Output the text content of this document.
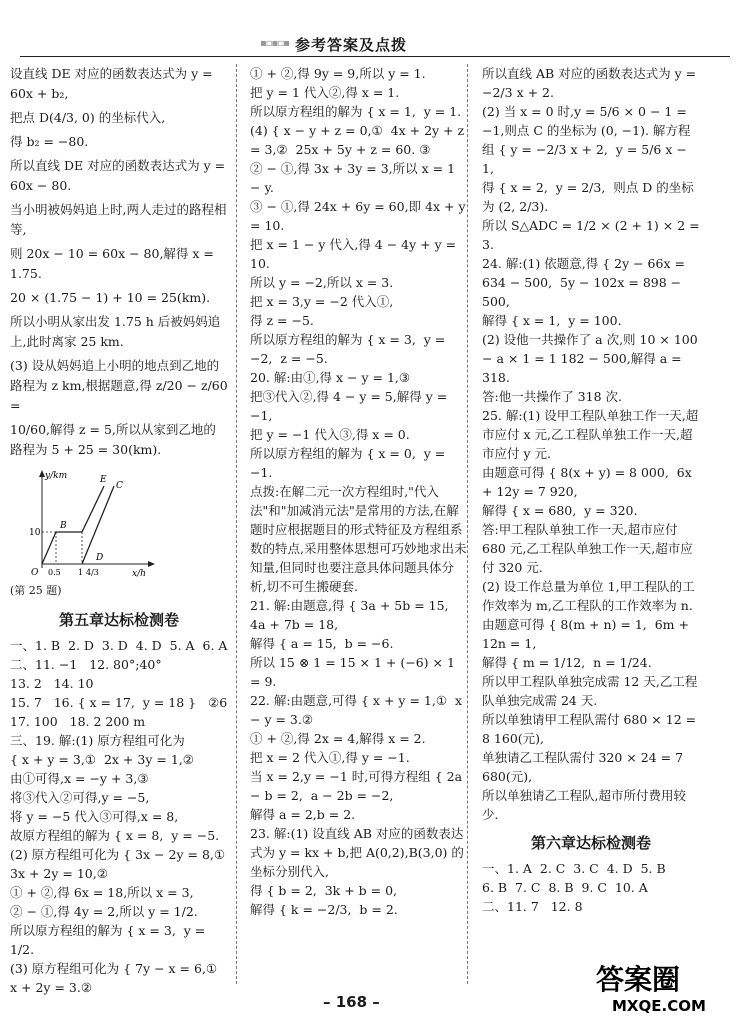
▪▫▪▫▪ 参考答案及点拨

设直线 DE 对应的函数表达式为 y = 60x + b₂,

把点 D(4/3, 0) 的坐标代入,

得 b₂ = −80.

所以直线 DE 对应的函数表达式为 y = 60x − 80.

当小明被妈妈追上时,两人走过的路程相等,

则 20x − 10 = 60x − 80,解得 x = 1.75.

20 × (1.75 − 1) + 10 = 25(km).

所以小明从家出发 1.75 h 后被妈妈追上,此时离家 25 km.

(3) 设从妈妈追上小明的地点到乙地的路程为 z km,根据题意,得 z/20 − z/60 =

10/60,解得 z = 5,所以从家到乙地的路程为 5 + 25 = 30(km).

y/km
x/h
10
O 0.5 1 4/3
B
D
E
C

(第 25 题)

第五章达标检测卷

一、1. B  2. D  3. D  4. D  5. A  6. A

二、11. −1   12. 80°;40°

13. 2   14. 10

15. 7   16. { x = 17,  y = 18 }   ②6

17. 100   18. 2 200 m

三、19. 解:(1) 原方程组可化为

{ x + y = 3,①  2x + 3y = 1,②

由①可得,x = −y + 3,③

将③代入②可得,y = −5,

将 y = −5 代入③可得,x = 8,

故原方程组的解为 { x = 8,  y = −5.

(2) 原方程组可化为 { 3x − 2y = 8,①  3x + 2y = 10,②

① + ②,得 6x = 18,所以 x = 3,

② − ①,得 4y = 2,所以 y = 1/2.

所以原方程组的解为 { x = 3,  y = 1/2.

(3) 原方程组可化为 { 7y − x = 6,①  x + 2y = 3.②

① + ②,得 9y = 9,所以 y = 1.

把 y = 1 代入②,得 x = 1.

所以原方程组的解为 { x = 1,  y = 1.

(4) { x − y + z = 0,①  4x + 2y + z = 3,②  25x + 5y + z = 60. ③

② − ①,得 3x + 3y = 3,所以 x = 1 − y.

③ − ①,得 24x + 6y = 60,即 4x + y = 10.

把 x = 1 − y 代入,得 4 − 4y + y = 10.

所以 y = −2,所以 x = 3.

把 x = 3,y = −2 代入①,

得 z = −5.

所以原方程组的解为 { x = 3,  y = −2,  z = −5.

20. 解:由①,得 x − y = 1,③

把③代入②,得 4 − y = 5,解得 y = −1,

把 y = −1 代入③,得 x = 0.

所以原方程组的解为 { x = 0,  y = −1.

点拨:在解二元一次方程组时,"代入法"和"加减消元法"是常用的方法,在解题时应根据题目的形式特征及方程组系数的特点,采用整体思想可巧妙地求出未知量,但同时也要注意具体问题具体分析,切不可生搬硬套.

21. 解:由题意,得 { 3a + 5b = 15,  4a + 7b = 18,

解得 { a = 15,  b = −6.

所以 15 ⊗ 1 = 15 × 1 + (−6) × 1 = 9.

22. 解:由题意,可得 { x + y = 1,①  x − y = 3.②

① + ②,得 2x = 4,解得 x = 2.

把 x = 2 代入①,得 y = −1.

当 x = 2,y = −1 时,可得方程组 { 2a − b = 2,  a − 2b = −2,

解得 a = 2,b = 2.

23. 解:(1) 设直线 AB 对应的函数表达式为 y = kx + b,把 A(0,2),B(3,0) 的坐标分别代入,

得 { b = 2,  3k + b = 0,

解得 { k = −2/3,  b = 2.

所以直线 AB 对应的函数表达式为 y = −2/3 x + 2.

(2) 当 x = 0 时,y = 5/6 × 0 − 1 = −1,则点 C 的坐标为 (0, −1). 解方程组 { y = −2/3 x + 2,  y = 5/6 x − 1,

得 { x = 2,  y = 2/3,  则点 D 的坐标为 (2, 2/3).

所以 S△ADC = 1/2 × (2 + 1) × 2 = 3.

24. 解:(1) 依题意,得 { 2y − 66x = 634 − 500,  5y − 102x = 898 − 500,

解得 { x = 1,  y = 100.

(2) 设他一共操作了 a 次,则 10 × 100 − a × 1 = 1 182 − 500,解得 a = 318.

答:他一共操作了 318 次.

25. 解:(1) 设甲工程队单独工作一天,超市应付 x 元,乙工程队单独工作一天,超市应付 y 元.

由题意可得 { 8(x + y) = 8 000,  6x + 12y = 7 920,

解得 { x = 680,  y = 320.

答:甲工程队单独工作一天,超市应付 680 元,乙工程队单独工作一天,超市应付 320 元.

(2) 设工作总量为单位 1,甲工程队的工作效率为 m,乙工程队的工作效率为 n.

由题意可得 { 8(m + n) = 1,  6m + 12n = 1,

解得 { m = 1/12,  n = 1/24.

所以甲工程队单独完成需 12 天,乙工程队单独完成需 24 天.

所以单独请甲工程队需付 680 × 12 = 8 160(元),

单独请乙工程队需付 320 × 24 = 7 680(元),

所以单独请乙工程队,超市所付费用较少.

第六章达标检测卷

一、1. A  2. C  3. C  4. D  5. B

6. B  7. C  8. B  9. C  10. A

二、11. 7   12. 8

– 168 –
答案圈
MXQE.COM
